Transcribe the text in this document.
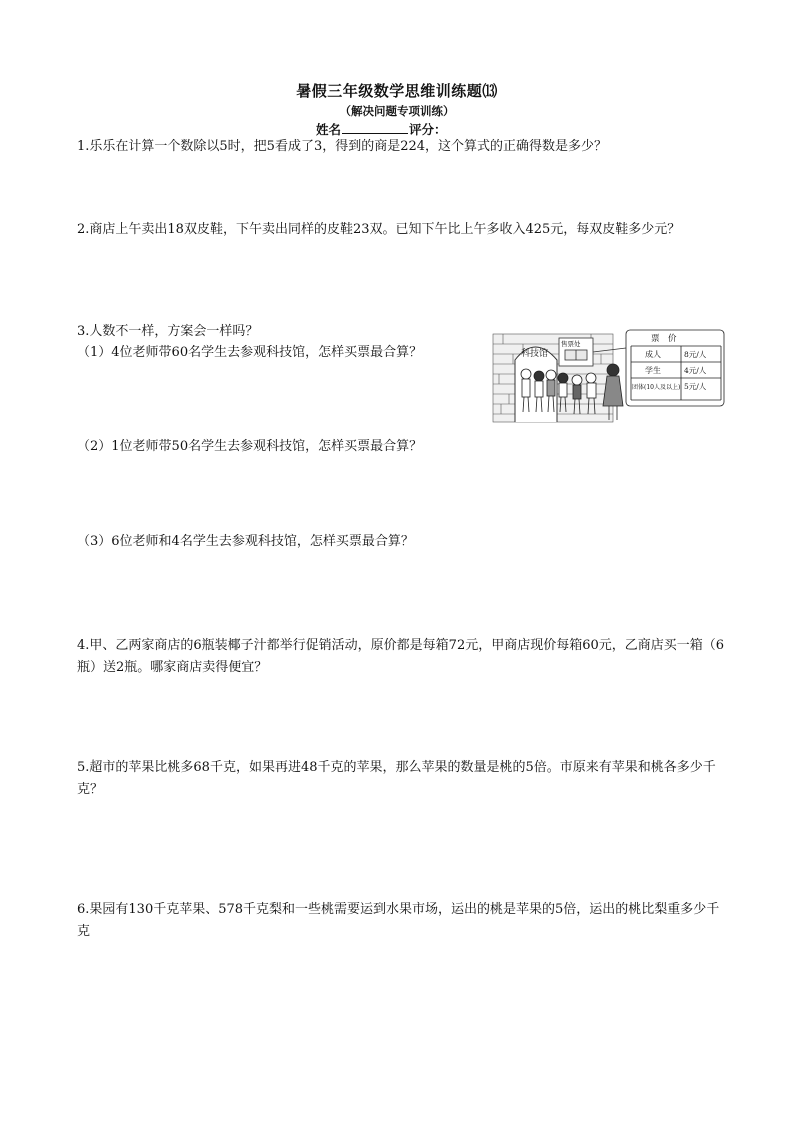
暑假三年级数学思维训练题⒀
（解决问题专项训练）
姓名	评分：
1.乐乐在计算一个数除以5时，把5看成了3，得到的商是224，这个算式的正确得数是多少？
2.商店上午卖出18双皮鞋，下午卖出同样的皮鞋23双。已知下午比上午多收入425元，每双皮鞋多少元？
3.人数不一样，方案会一样吗？
（1）4位老师带60名学生去参观科技馆，怎样买票最合算？	科技馆
售票处	票　价
成人	8元/人
学生	4元/人
团体(10人及以上) 5元/人
（2）1位老师带50名学生去参观科技馆，怎样买票最合算？
（3）6位老师和4名学生去参观科技馆，怎样买票最合算？
4.甲、乙两家商店的6瓶装椰子汁都举行促销活动，原价都是每箱72元，甲商店现价每箱60元，乙商店买一箱（6瓶）送2瓶。哪家商店卖得便宜？
5.超市的苹果比桃多68千克，如果再进48千克的苹果，那么苹果的数量是桃的5倍。市原来有苹果和桃各多少千克？
6.果园有130千克苹果、578千克梨和一些桃需要运到水果市场，运出的桃是苹果的5倍，运出的桃比梨重多少千克
